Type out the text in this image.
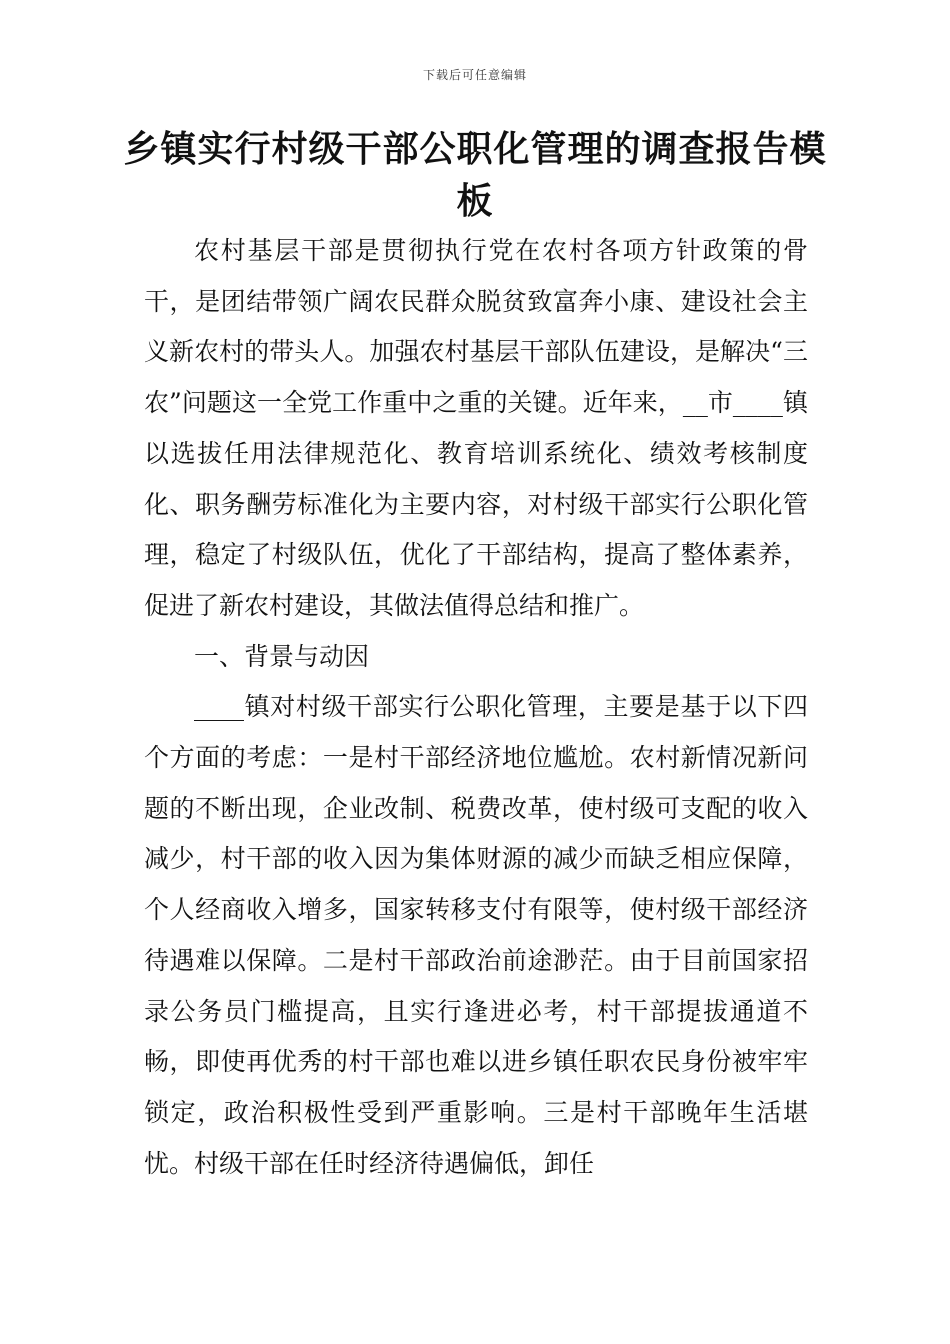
下载后可任意编辑
乡镇实行村级干部公职化管理的调查报告模板

农村基层干部是贯彻执行党在农村各项方针政策的骨干，是团结带领广阔农民群众脱贫致富奔小康、建设社会主义新农村的带头人。加强农村基层干部队伍建设，是解决“三农”问题这一全党工作重中之重的关键。近年来，__市____镇以选拔任用法律规范化、教育培训系统化、绩效考核制度化、职务酬劳标准化为主要内容，对村级干部实行公职化管理，稳定了村级队伍，优化了干部结构，提高了整体素养，促进了新农村建设，其做法值得总结和推广。

一、背景与动因

____镇对村级干部实行公职化管理，主要是基于以下四个方面的考虑：一是村干部经济地位尴尬。农村新情况新问题的不断出现，企业改制、税费改革，使村级可支配的收入减少，村干部的收入因为集体财源的减少而缺乏相应保障，个人经商收入增多，国家转移支付有限等，使村级干部经济待遇难以保障。二是村干部政治前途渺茫。由于目前国家招录公务员门槛提高，且实行逢进必考，村干部提拔通道不畅，即使再优秀的村干部也难以进乡镇任职农民身份被牢牢锁定，政治积极性受到严重影响。三是村干部晚年生活堪忧。村级干部在任时经济待遇偏低，卸任
